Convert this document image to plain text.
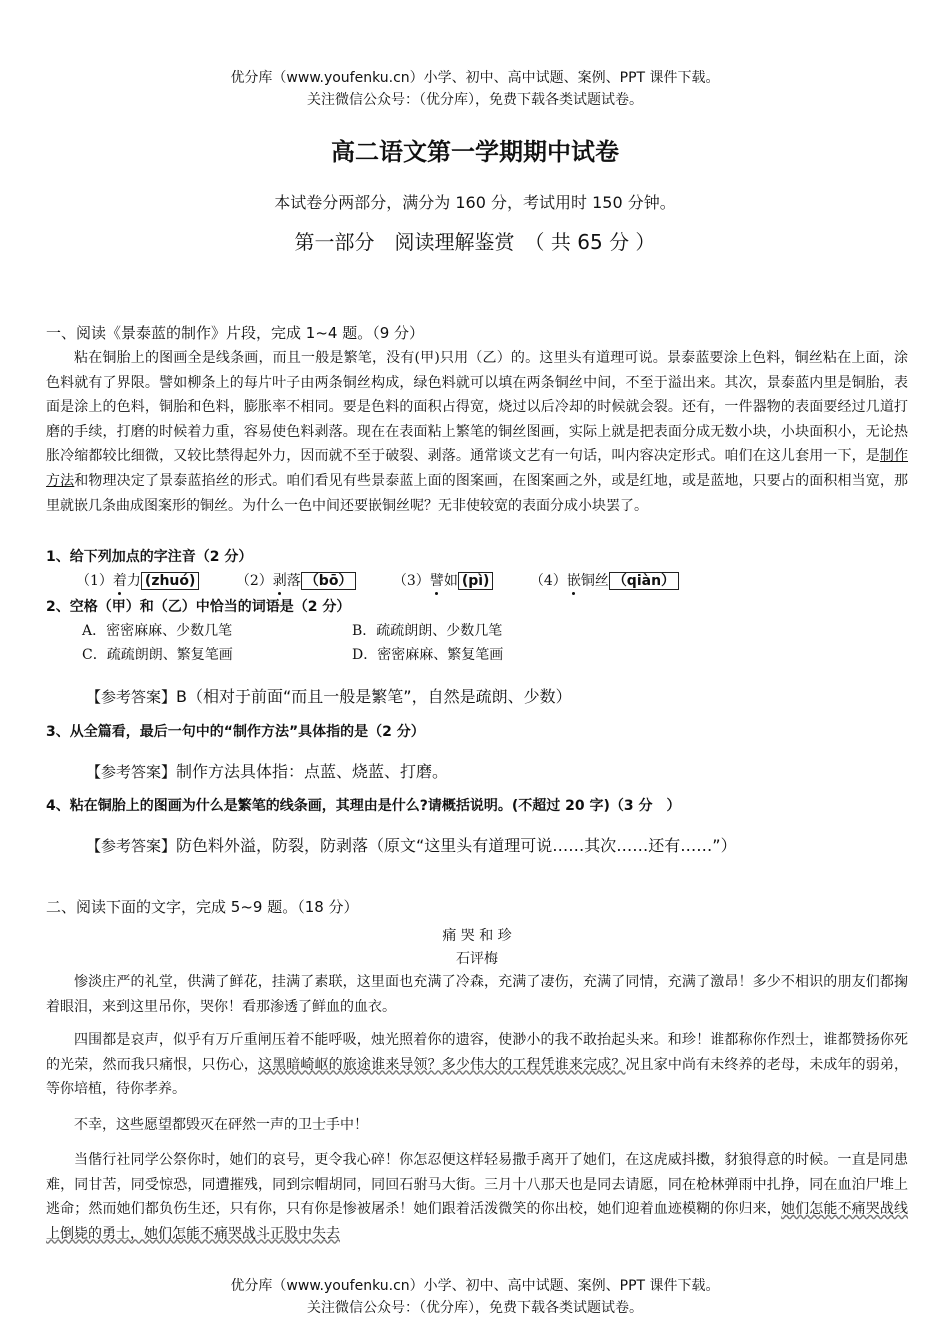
优分库（www.youfenku.cn）小学、初中、高中试题、案例、PPT 课件下载。
关注微信公众号：（优分库），免费下载各类试题试卷。
高二语文第一学期期中试卷
本试卷分两部分，满分为 160 分，考试用时 150 分钟。
第一部分　阅读理解鉴赏　（ 共 65 分 ）
一、阅读《景泰蓝的制作》片段，完成 1~4 题。（9 分）

粘在铜胎上的图画全是线条画，而且一般是繁笔，没有(甲)只用（乙）的。这里头有道理可说。景泰蓝要涂上色料，铜丝粘在上面，涂色料就有了界限。譬如柳条上的每片叶子由两条铜丝构成，绿色料就可以填在两条铜丝中间，不至于溢出来。其次，景泰蓝内里是铜胎，表面是涂上的色料，铜胎和色料，膨胀率不相同。要是色料的面积占得宽，烧过以后冷却的时候就会裂。还有，一件器物的表面要经过几道打磨的手续，打磨的时候着力重，容易使色料剥落。现在在表面粘上繁笔的铜丝图画，实际上就是把表面分成无数小块，小块面积小，无论热胀冷缩都较比细微，又较比禁得起外力，因而就不至于破裂、剥落。通常谈文艺有一句话，叫内容决定形式。咱们在这儿套用一下，是制作方法和物理决定了景泰蓝掐丝的形式。咱们看见有些景泰蓝上面的图案画，在图案画之外，或是红地，或是蓝地，只要占的面积相当宽，那里就嵌几条曲成图案形的铜丝。为什么一色中间还要嵌铜丝呢？无非使较宽的表面分成小块罢了。

1、给下列加点的字注音（2 分）
（1）着力 (zhuó)	（2）剥落 （bō）	（3）譬如 (pì)	（4）嵌铜丝 （qiàn）
2、空格（甲）和（乙）中恰当的词语是（2 分）
A．密密麻麻、少数几笔	B．疏疏朗朗、少数几笔
C．疏疏朗朗、繁复笔画	D．密密麻麻、繁复笔画
【参考答案】B（相对于前面“而且一般是繁笔”，自然是疏朗、少数）
3、从全篇看，最后一句中的“制作方法”具体指的是（2 分）
【参考答案】制作方法具体指：点蓝、烧蓝、打磨。
4、粘在铜胎上的图画为什么是繁笔的线条画，其理由是什么?请概括说明。(不超过 20 字)（3 分　）
【参考答案】防色料外溢，防裂，防剥落（原文“这里头有道理可说……其次……还有……”）
二、阅读下面的文字，完成 5~9 题。（18 分）
痛 哭 和 珍
石评梅

惨淡庄严的礼堂，供满了鲜花，挂满了素联，这里面也充满了冷森，充满了凄伤，充满了同情，充满了激昂！多少不相识的朋友们都掬着眼泪，来到这里吊你，哭你！看那渗透了鲜血的血衣。

四围都是哀声，似乎有万斤重闸压着不能呼吸，烛光照着你的遗容，使渺小的我不敢抬起头来。和珍！谁都称你作烈士，谁都赞扬你死的光荣，然而我只痛恨，只伤心，这黑暗崎岖的旅途谁来导领？多少伟大的工程凭谁来完成？况且家中尚有未终养的老母，未成年的弱弟，等你培植，待你孝养。

不幸，这些愿望都毁灭在砰然一声的卫士手中！

当偕行社同学公祭你时，她们的哀号，更令我心碎！你怎忍便这样轻易撒手离开了她们，在这虎威抖擞，豺狼得意的时候。一直是同患难，同甘苦，同受惊恐，同遭摧残，同到宗帽胡同，同回石驸马大街。三月十八那天也是同去请愿，同在枪林弹雨中扎挣，同在血泊尸堆上逃命；然而她们都负伤生还，只有你，只有你是惨被屠杀！她们跟着活泼微笑的你出校，她们迎着血迹模糊的你归来，她们怎能不痛哭战线上倒毙的勇士，她们怎能不痛哭战斗正股中失去

优分库（www.youfenku.cn）小学、初中、高中试题、案例、PPT 课件下载。
关注微信公众号：（优分库），免费下载各类试题试卷。
